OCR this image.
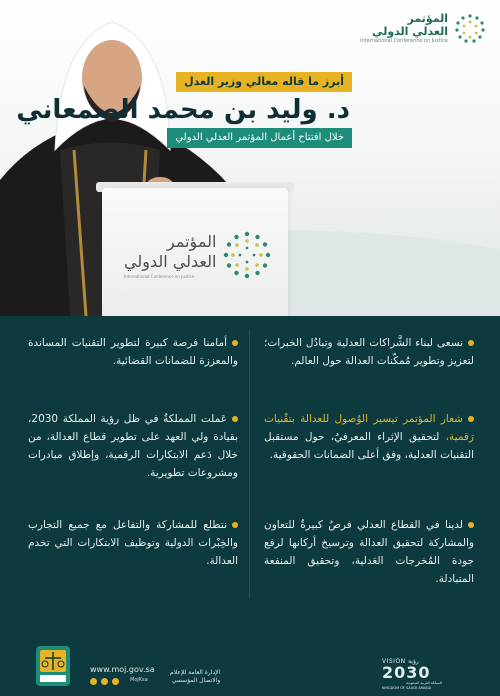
المؤتمر
العدلي الدولي
International Conference on Justice
المؤتمر
العدلي الدولي
International Conference on Justice
أبرز ما قاله معالي وزير العدل
د. وليد بن محمد الصمعاني
خلال افتتاح أعمال المؤتمر العدلي الدولي
نسعى لبناء الشَّراكات العدلية وتبادُل الخبرات؛ لتعزيز وتطوير مُمكّنات العدالة حول العالم.
أمامنا فرصة كبيرة لتطوير التقنيات المساندة والمعززة للضمانات القضائية.
شعار المؤتمر تيسير الوُصول للعدالة بتقْنيات رَقمية، لتحقيق الإثراء المعرفيُ، حول مستقبل التقنيات العدلية، وفق أعلى الضمانات الحقوقية.
عَملت المملكةُ في ظل رؤية المملكة 2030، بقيادة ولي العهد على تطوير قطاع العدالة، من خلال دَعم الابتكارات الرقمية، وإطلاق مبادرات ومشروعات تطويرية.
لدينا في القطاع العدلي فرصٌ كبيرةٌ للتعاون والمشاركة لتحقيق العدالة وترسيخ أركانها لرفع جودة المُخرجات العَدلية، وتحقيق المنفعة المتبادلة.
نتطلع للمشاركة والتفاعل مع جميع التجارب والخِبْرات الدولية وتوظيف الابتكارات التي تخدم العدالة.
www.moj.gov.sa
MojKsa
الإدارة العامة للإعلام
والاتصال المؤسسي
VISION رؤية
2030
المملكة العربية السعودية
KINGDOM OF SAUDI ARABIA
